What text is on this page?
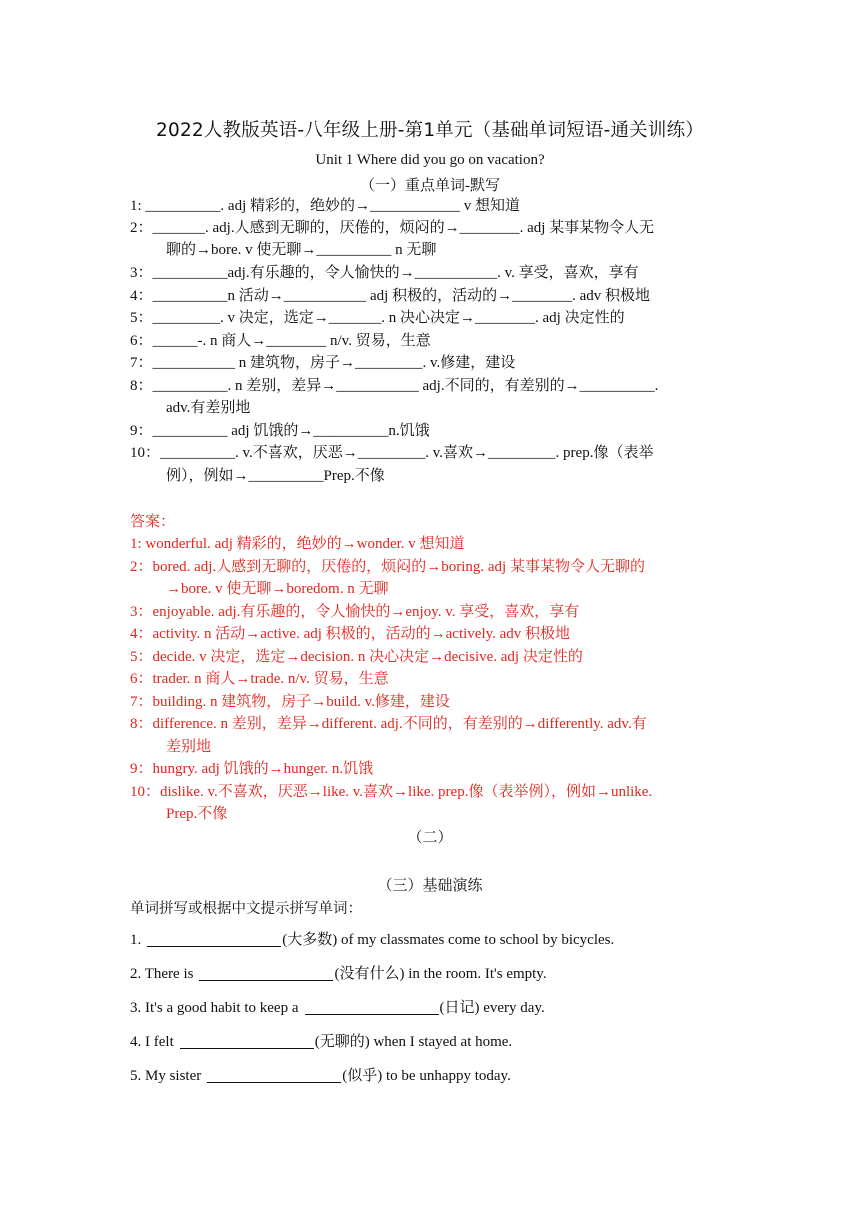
2022人教版英语-八年级上册-第1单元（基础单词短语-通关训练）
Unit 1 Where did you go on vacation?
（一）重点单词-默写
1: __________. adj 精彩的，绝妙的→____________ v 想知道
2：_______. adj.人感到无聊的，厌倦的，烦闷的→________. adj 某事某物令人无
聊的→bore. v 使无聊→__________ n 无聊
3：__________adj.有乐趣的，令人愉快的→___________. v. 享受，喜欢，享有
4：__________n 活动→___________ adj 积极的，活动的→________. adv 积极地
5：_________. v 决定，选定→_______. n 决心决定→________. adj 决定性的
6：______-. n 商人→________ n/v. 贸易，生意
7：___________ n 建筑物，房子→_________. v.修建，建设
8：__________. n 差别，差异→___________ adj.不同的，有差别的→__________.
adv.有差别地
9：__________ adj 饥饿的→__________n.饥饿
10：__________. v.不喜欢，厌恶→_________. v.喜欢→_________. prep.像（表举
例），例如→__________Prep.不像
答案：
1: wonderful. adj 精彩的，绝妙的→wonder. v 想知道
2：bored. adj.人感到无聊的，厌倦的，烦闷的→boring. adj 某事某物令人无聊的
→bore. v 使无聊→boredom. n 无聊
3：enjoyable. adj.有乐趣的，令人愉快的→enjoy. v. 享受，喜欢，享有
4：activity. n 活动→active. adj 积极的，活动的→actively. adv 积极地
5：decide. v 决定，选定→decision. n 决心决定→decisive. adj 决定性的
6：trader. n 商人→trade. n/v. 贸易，生意
7：building. n 建筑物，房子→build. v.修建，建设
8：difference. n 差别，差异→different. adj.不同的，有差别的→differently. adv.有
差别地
9：hungry. adj 饥饿的→hunger. n.饥饿
10：dislike. v.不喜欢，厌恶→like. v.喜欢→like. prep.像（表举例），例如→unlike.
Prep.不像
（二）
（三）基础演练
单词拼写或根据中文提示拼写单词：
1.	(大多数) of my classmates come to school by bicycles.
2. There is	(没有什么) in the room. It's empty.
3. It's a good habit to keep a	(日记) every day.
4. I felt	(无聊的) when I stayed at home.
5. My sister	(似乎) to be unhappy today.
